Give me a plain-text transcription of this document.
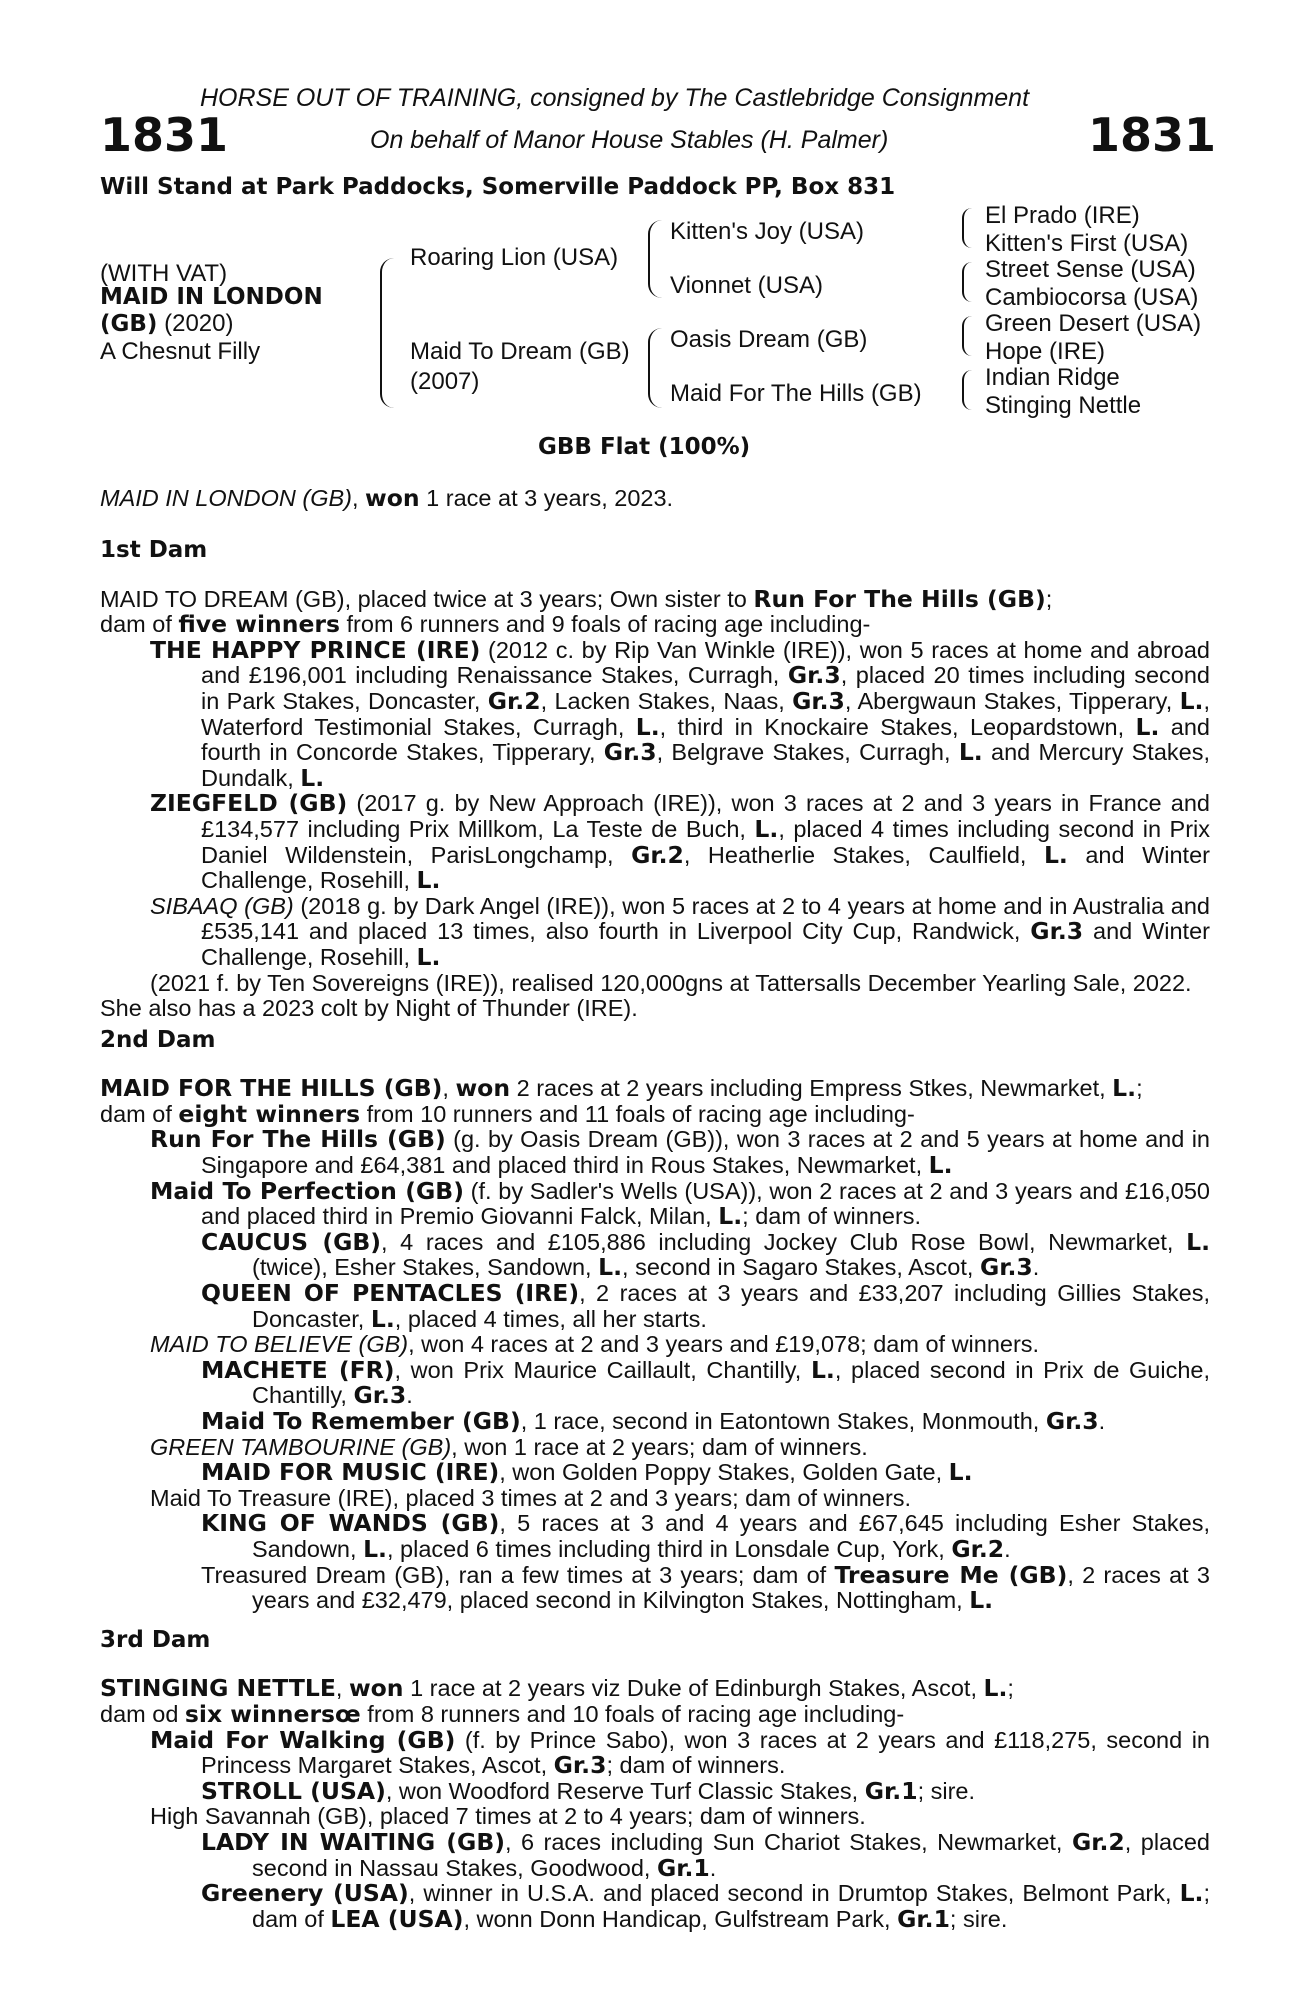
HORSE OUT OF TRAINING, consigned by The Castlebridge Consignment
1831	On behalf of Manor House Stables (H. Palmer)	1831
Will Stand at Park Paddocks, Somerville Paddock PP, Box 831
(WITH VAT)
MAID IN LONDON
(GB) (2020)
A Chesnut Filly
Roaring Lion (USA)
Maid To Dream (GB)
(2007)
Kitten's Joy (USA)
Vionnet (USA)
Oasis Dream (GB)
Maid For The Hills (GB)
El Prado (IRE)
Kitten's First (USA)
Street Sense (USA)
Cambiocorsa (USA)
Green Desert (USA)
Hope (IRE)
Indian Ridge
Stinging Nettle
GBB Flat (100%)
MAID IN LONDON (GB), won 1 race at 3 years, 2023.

1st Dam

MAID TO DREAM (GB), placed twice at 3 years; Own sister to Run For The Hills (GB);
dam of five winners from 6 runners and 9 foals of racing age including-

THE HAPPY PRINCE (IRE) (2012 c. by Rip Van Winkle (IRE)), won 5 races at home and abroad and £196,001 including Renaissance Stakes, Curragh, Gr.3, placed 20 times including second in Park Stakes, Doncaster, Gr.2, Lacken Stakes, Naas, Gr.3, Abergwaun Stakes, Tipperary, L., Waterford Testimonial Stakes, Curragh, L., third in Knockaire Stakes, Leopardstown, L. and fourth in Concorde Stakes, Tipperary, Gr.3, Belgrave Stakes, Curragh, L. and Mercury Stakes, Dundalk, L.

ZIEGFELD (GB) (2017 g. by New Approach (IRE)), won 3 races at 2 and 3 years in France and £134,577 including Prix Millkom, La Teste de Buch, L., placed 4 times including second in Prix Daniel Wildenstein, ParisLongchamp, Gr.2, Heatherlie Stakes, Caulfield, L. and Winter Challenge, Rosehill, L.

SIBAAQ (GB) (2018 g. by Dark Angel (IRE)), won 5 races at 2 to 4 years at home and in Australia and £535,141 and placed 13 times, also fourth in Liverpool City Cup, Randwick, Gr.3 and Winter Challenge, Rosehill, L.

(2021 f. by Ten Sovereigns (IRE)), realised 120,000gns at Tattersalls December Yearling Sale, 2022.

She also has a 2023 colt by Night of Thunder (IRE).

2nd Dam

MAID FOR THE HILLS (GB), won 2 races at 2 years including Empress Stkes, Newmarket, L.;
dam of eight winners from 10 runners and 11 foals of racing age including-

Run For The Hills (GB) (g. by Oasis Dream (GB)), won 3 races at 2 and 5 years at home and in Singapore and £64,381 and placed third in Rous Stakes, Newmarket, L.

Maid To Perfection (GB) (f. by Sadler's Wells (USA)), won 2 races at 2 and 3 years and £16,050 and placed third in Premio Giovanni Falck, Milan, L.; dam of winners.

CAUCUS (GB), 4 races and £105,886 including Jockey Club Rose Bowl, Newmarket, L. (twice), Esher Stakes, Sandown, L., second in Sagaro Stakes, Ascot, Gr.3.

QUEEN OF PENTACLES (IRE), 2 races at 3 years and £33,207 including Gillies Stakes, Doncaster, L., placed 4 times, all her starts.

MAID TO BELIEVE (GB), won 4 races at 2 and 3 years and £19,078; dam of winners.

MACHETE (FR), won Prix Maurice Caillault, Chantilly, L., placed second in Prix de Guiche, Chantilly, Gr.3.

Maid To Remember (GB), 1 race, second in Eatontown Stakes, Monmouth, Gr.3.

GREEN TAMBOURINE (GB), won 1 race at 2 years; dam of winners.

MAID FOR MUSIC (IRE), won Golden Poppy Stakes, Golden Gate, L.

Maid To Treasure (IRE), placed 3 times at 2 and 3 years; dam of winners.

KING OF WANDS (GB), 5 races at 3 and 4 years and £67,645 including Esher Stakes, Sandown, L., placed 6 times including third in Lonsdale Cup, York, Gr.2.

Treasured Dream (GB), ran a few times at 3 years; dam of Treasure Me (GB), 2 races at 3 years and £32,479, placed second in Kilvington Stakes, Nottingham, L.

3rd Dam

STINGING NETTLE, won 1 race at 2 years viz Duke of Edinburgh Stakes, Ascot, L.;
dam od six winnersœ from 8 runners and 10 foals of racing age including-

Maid For Walking (GB) (f. by Prince Sabo), won 3 races at 2 years and £118,275, second in Princess Margaret Stakes, Ascot, Gr.3; dam of winners.

STROLL (USA), won Woodford Reserve Turf Classic Stakes, Gr.1; sire.

High Savannah (GB), placed 7 times at 2 to 4 years; dam of winners.

LADY IN WAITING (GB), 6 races including Sun Chariot Stakes, Newmarket, Gr.2, placed second in Nassau Stakes, Goodwood, Gr.1.

Greenery (USA), winner in U.S.A. and placed second in Drumtop Stakes, Belmont Park, L.; dam of LEA (USA), wonn Donn Handicap, Gulfstream Park, Gr.1; sire.
